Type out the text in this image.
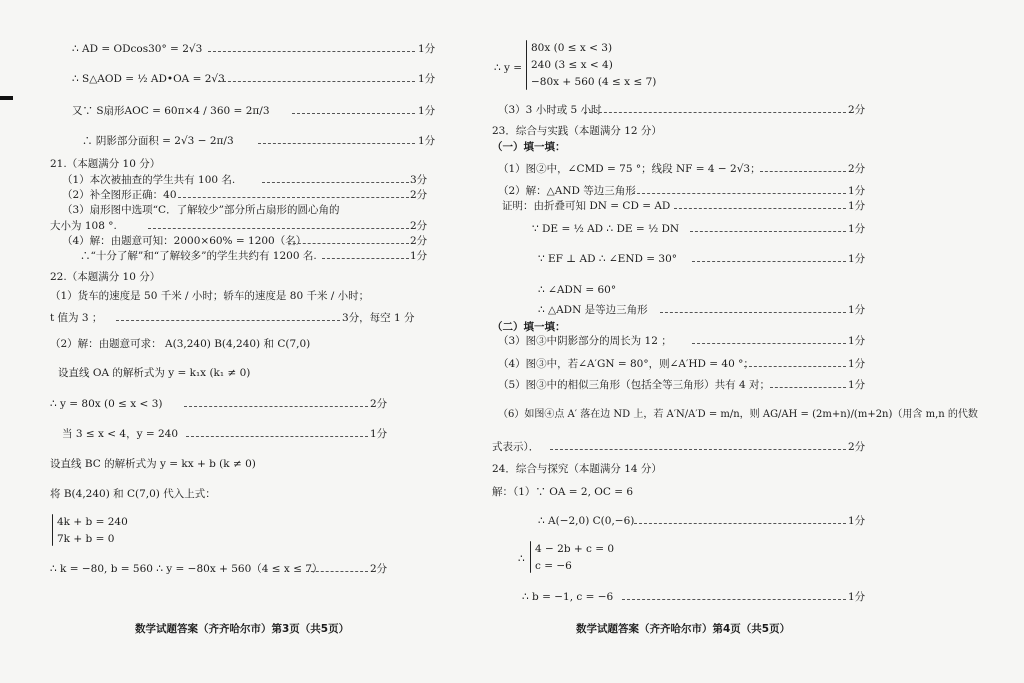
∴ AD = ODcos30° = 2√3	1分
∴ S△AOD = ½ AD•OA = 2√3	1分
又∵ S扇形AOC = 60π×4 / 360 = 2π/3	1分
∴ 阴影部分面积 = 2√3 − 2π/3	1分
21.（本题满分 10 分）
（1）本次被抽查的学生共有 100 名.	3分
（2）补全图形正确：40	2分
（3）扇形图中选项“C．了解较少”部分所占扇形的圆心角的
大小为 108 °.	2分
（4）解：由题意可知：2000×60% = 1200（名）	2分
∴“十分了解”和“了解较多”的学生共约有 1200 名.	1分
22.（本题满分 10 分）
（1）货车的速度是 50 千米 / 小时；轿车的速度是 80 千米 / 小时；
t 值为 3 ；	3分，每空 1 分
（2）解：由题意可求： A(3,240) B(4,240) 和 C(7,0)
设直线 OA 的解析式为 y = k₁x (k₁ ≠ 0)
∴ y = 80x (0 ≤ x < 3)	2分
当 3 ≤ x < 4，y = 240	1分
设直线 BC 的解析式为 y = kx + b (k ≠ 0)
将 B(4,240) 和 C(7,0) 代入上式：
4k + b = 240
7k + b = 0
∴ k = −80, b = 560 ∴ y = −80x + 560（4 ≤ x ≤ 7）	2分
数学试题答案（齐齐哈尔市）第3页（共5页）
∴ y =
80x (0 ≤ x < 3)
240 (3 ≤ x < 4)
−80x + 560 (4 ≤ x ≤ 7)
（3）3 小时或 5 小时	2分
23．综合与实践（本题满分 12 分）
（一）填一填：
（1）图②中，∠CMD = 75 °；线段 NF = 4 − 2√3；	2分
（2）解：△AND 等边三角形	1分
证明：由折叠可知 DN = CD = AD	1分
∵ DE = ½ AD ∴ DE = ½ DN	1分
∵ EF ⊥ AD ∴ ∠END = 30°	1分
∴ ∠ADN = 60°
∴ △ADN 是等边三角形	1分
（二）填一填：
（3）图③中阴影部分的周长为 12 ；	1分
（4）图③中，若∠A′GN = 80°，则∠A′HD = 40 °；	1分
（5）图③中的相似三角形（包括全等三角形）共有 4 对；	1分
（6）如图④点 A′ 落在边 ND 上，若 A′N/A′D = m/n，则 AG/AH = (2m+n)/(m+2n)（用含 m,n 的代数
式表示）．	2分
24．综合与探究（本题满分 14 分）
解：（1）∵ OA = 2, OC = 6
∴ A(−2,0) C(0,−6)	1分
∴
4 − 2b + c = 0
c = −6
∴ b = −1, c = −6	1分
数学试题答案（齐齐哈尔市）第4页（共5页）
